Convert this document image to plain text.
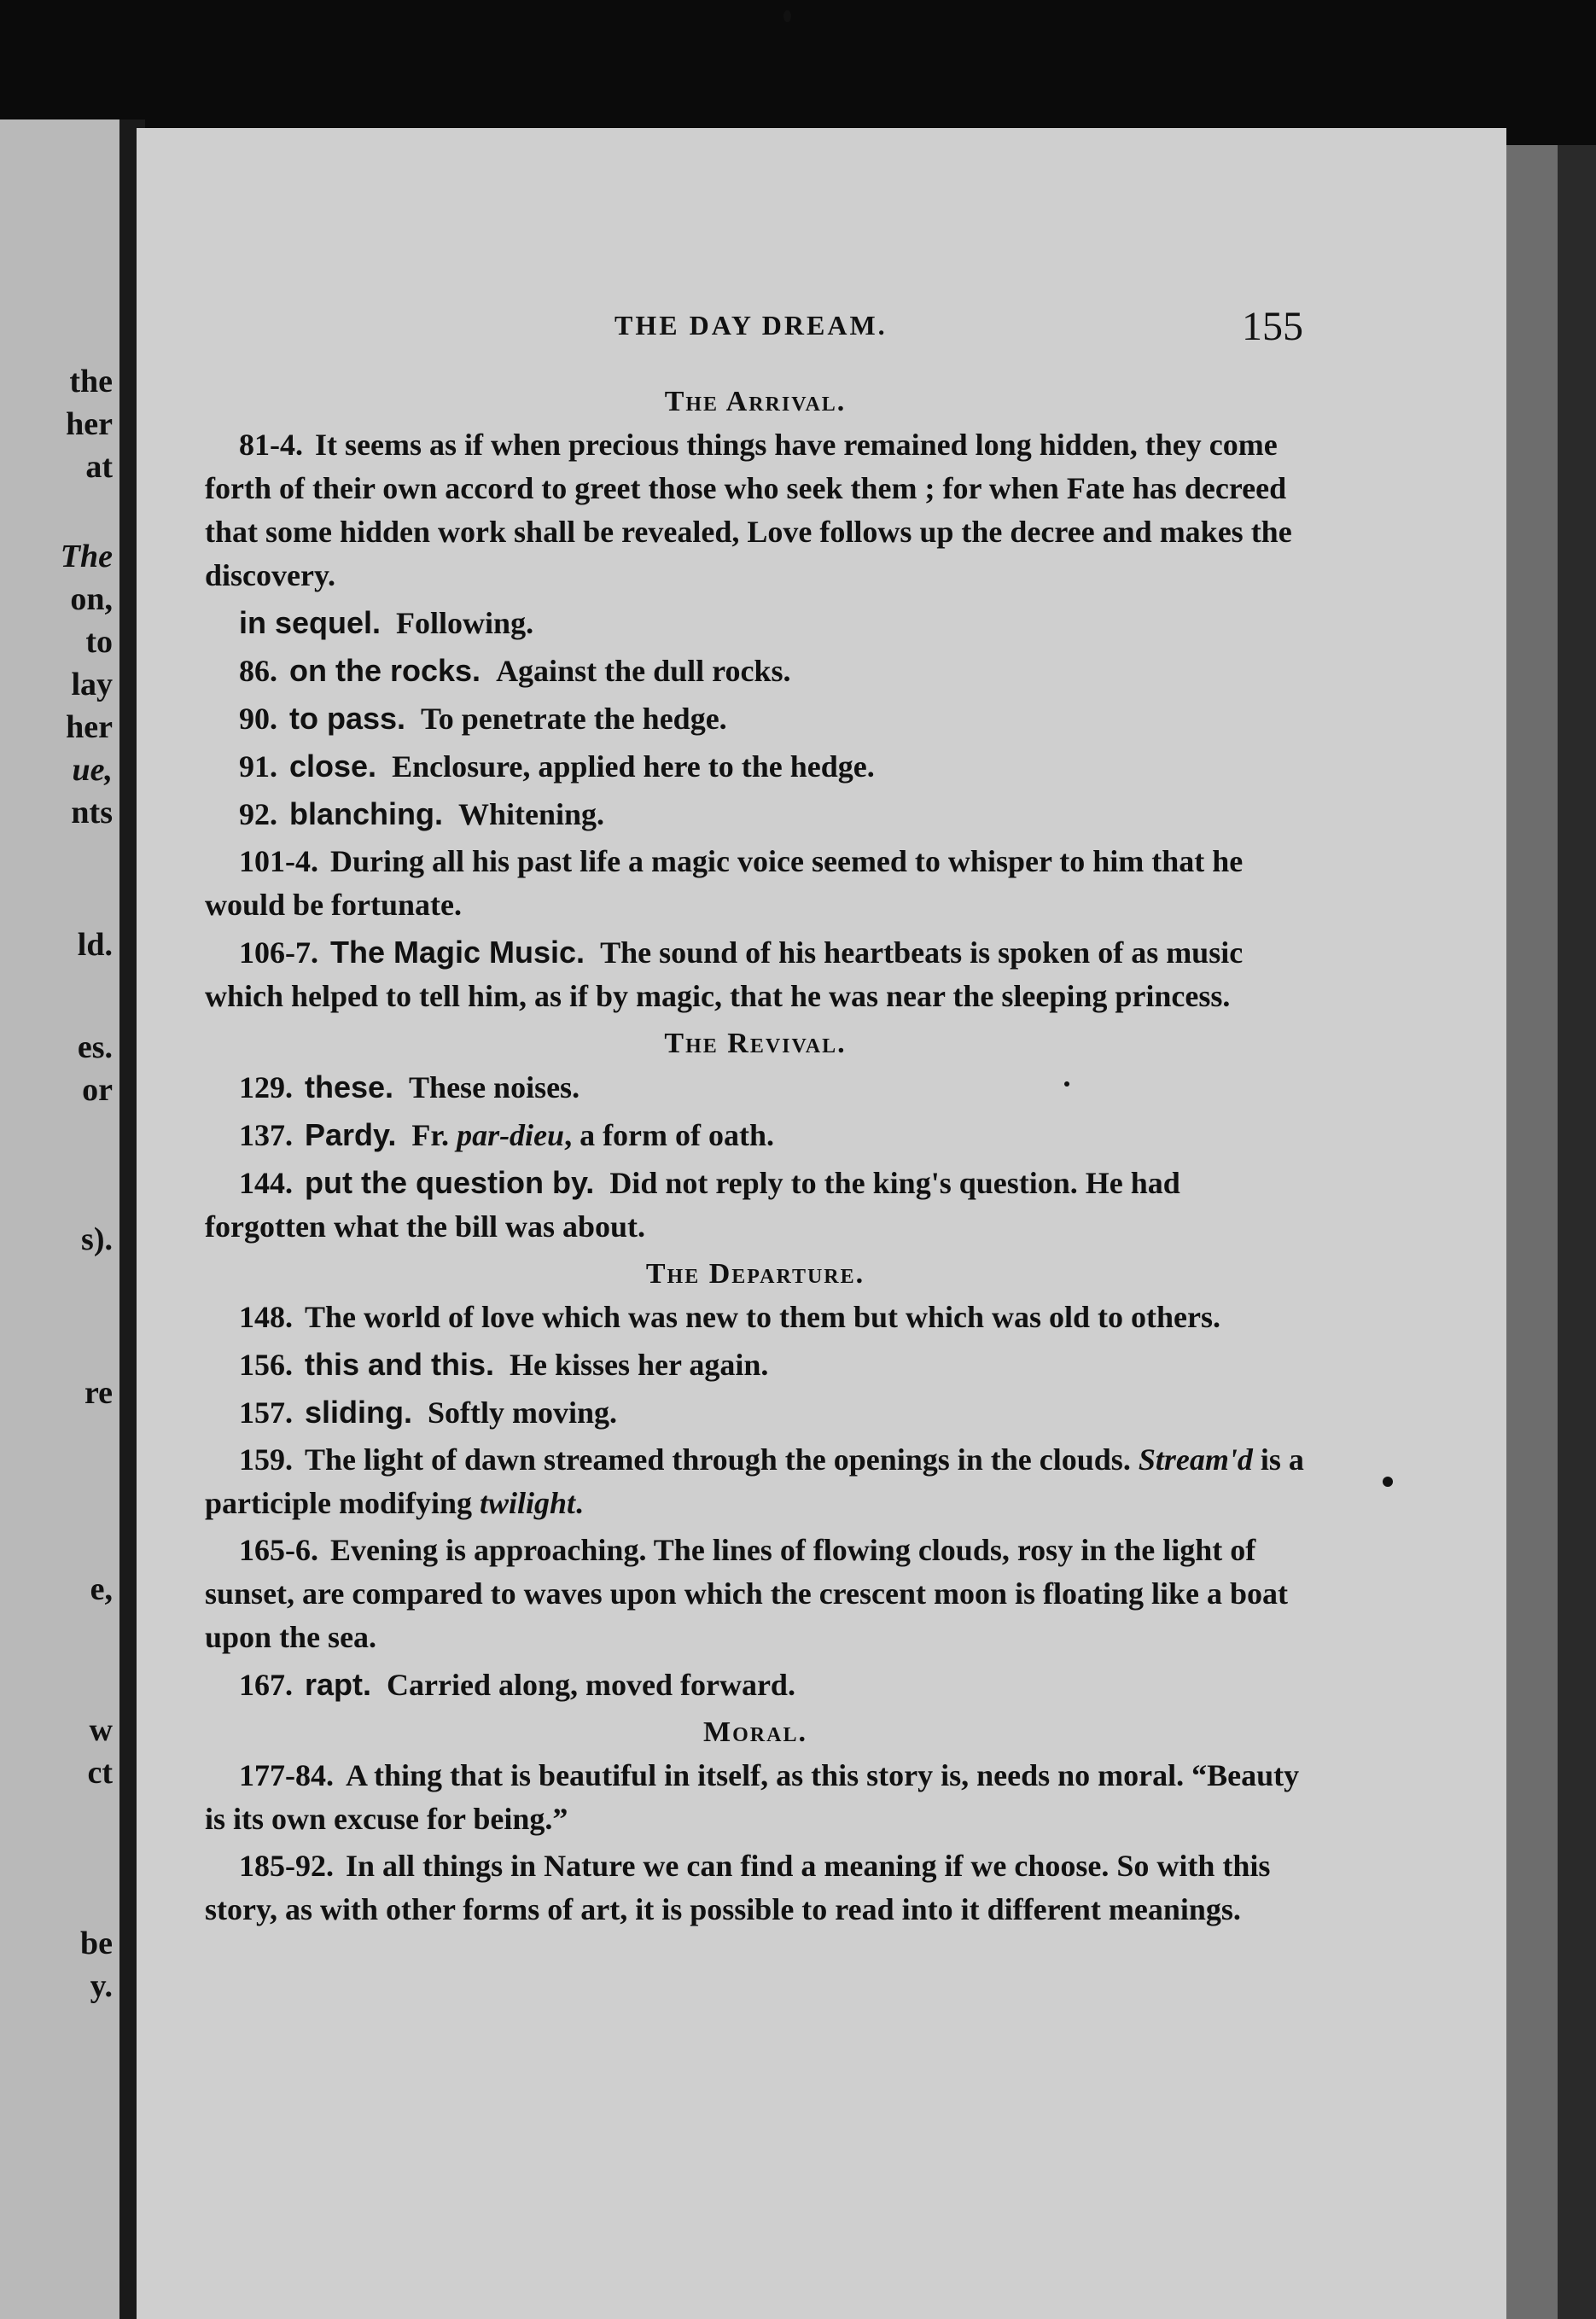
the
her
at
The
on,
to
lay
her
ue,
nts
ld.
es.
or
s).
re
e,
w
ct
be
y.
THE DAY DREAM.	155

The Arrival.

81-4. It seems as if when precious things have remained long hidden, they come forth of their own accord to greet those who seek them ; for when Fate has decreed that some hidden work shall be revealed, Love follows up the decree and makes the discovery.

in sequel. Following.

86. on the rocks. Against the dull rocks.

90. to pass. To penetrate the hedge.

91. close. Enclosure, applied here to the hedge.

92. blanching. Whitening.

101-4. During all his past life a magic voice seemed to whisper to him that he would be fortunate.

106-7. The Magic Music. The sound of his heartbeats is spoken of as music which helped to tell him, as if by magic, that he was near the sleeping princess.

The Revival.

129. these. These noises.

137. Pardy. Fr. par-dieu, a form of oath.

144. put the question by. Did not reply to the king's question. He had forgotten what the bill was about.

The Departure.

148. The world of love which was new to them but which was old to others.

156. this and this. He kisses her again.

157. sliding. Softly moving.

159. The light of dawn streamed through the openings in the clouds. Stream'd is a participle modifying twilight.

165-6. Evening is approaching. The lines of flowing clouds, rosy in the light of sunset, are compared to waves upon which the crescent moon is floating like a boat upon the sea.

167. rapt. Carried along, moved forward.

Moral.

177-84. A thing that is beautiful in itself, as this story is, needs no moral. “Beauty is its own excuse for being.”

185-92. In all things in Nature we can find a meaning if we choose. So with this story, as with other forms of art, it is possible to read into it different meanings.
